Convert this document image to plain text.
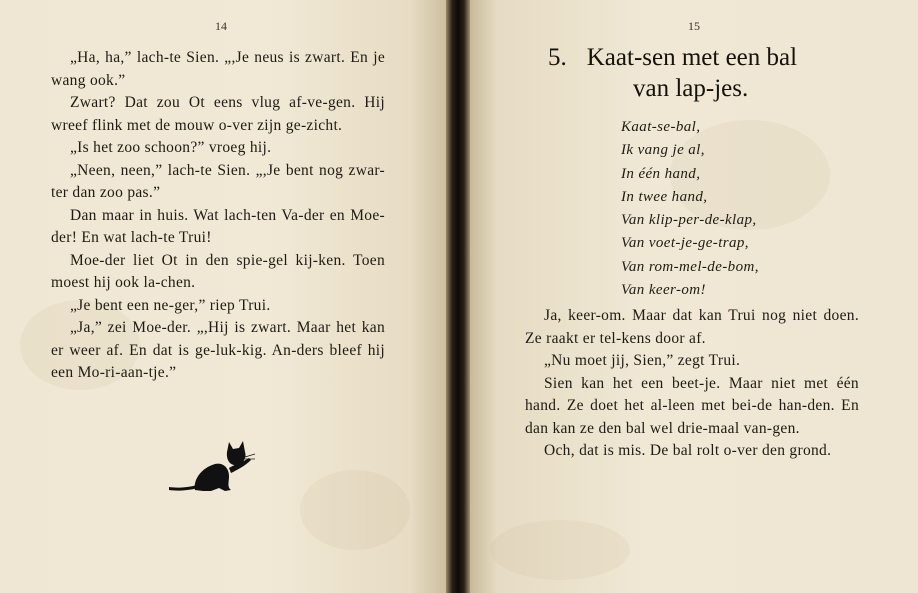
14

„Ha, ha,” lach-te Sien. „,Je neus is zwart. En je wang ook.”

Zwart? Dat zou Ot eens vlug af-ve-gen. Hij wreef flink met de mouw o-ver zijn ge-zicht.

„Is het zoo schoon?” vroeg hij.

„Neen, neen,” lach-te Sien. „,Je bent nog zwar-ter dan zoo pas.”

Dan maar in huis. Wat lach-ten Va-der en Moe-der! En wat lach-te Trui!

Moe-der liet Ot in den spie-gel kij-ken. Toen moest hij ook la-chen.

„Je bent een ne-ger,” riep Trui.

„Ja,” zei Moe-der. „,Hij is zwart. Maar het kan er weer af. En dat is ge-luk-kig. An-ders bleef hij een Mo-ri-aan-tje.”

15
5. Kaat-sen met een bal
van lap-jes.
Kaat-se-bal,
Ik vang je al,
In één hand,
In twee hand,
Van klip-per-de-klap,
Van voet-je-ge-trap,
Van rom-mel-de-bom,
Van keer-om!

Ja, keer-om. Maar dat kan Trui nog niet doen. Ze raakt er tel-kens door af.

„Nu moet jij, Sien,” zegt Trui.

Sien kan het een beet-je. Maar niet met één hand. Ze doet het al-leen met bei-de han-den. En dan kan ze den bal wel drie-maal van-gen.

Och, dat is mis. De bal rolt o-ver den grond.
